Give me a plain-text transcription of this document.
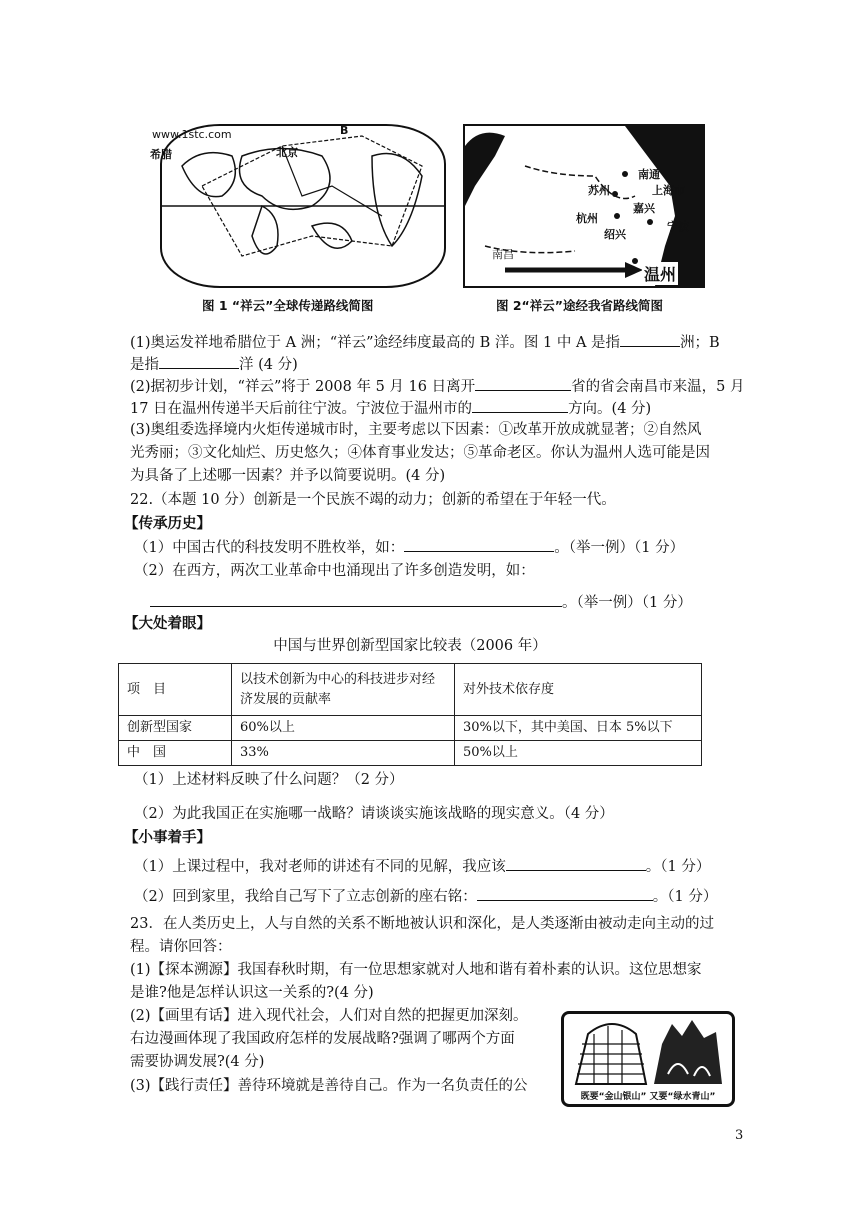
www.1stc.com
希腊	北京
B
图 1 “祥云”全球传递路线简图
南通
苏州	上海市
嘉兴
杭州
绍兴
宁波
南昌
温州
图 2“祥云”途经我省路线简图
(1)奥运发祥地希腊位于 A 洲；“祥云”途经纬度最高的 B 洋。图 1 中 A 是指	洲；B
是指	洋 (4 分)
(2)据初步计划，“祥云”将于 2008 年 5 月 16 日离开	省的省会南昌市来温，5 月
17 日在温州传递半天后前往宁波。宁波位于温州市的	方向。(4 分)
(3)奥组委选择境内火炬传递城市时，主要考虑以下因素：①改革开放成就显著；②自然风
光秀丽；③文化灿烂、历史悠久；④体育事业发达；⑤革命老区。你认为温州人选可能是因
为具备了上述哪一因素？并予以简要说明。(4 分)
22.（本题 10 分）创新是一个民族不竭的动力；创新的希望在于年轻一代。
【传承历史】
（1）中国古代的科技发明不胜枚举，如：	。（举一例）（1 分）
（2）在西方，两次工业革命中也涌现出了许多创造发明，如：
。（举一例）（1 分）
【大处着眼】
中国与世界创新型国家比较表（2006 年）
项　目	以技术创新为中心的科技进步对经济发展的贡献率	对外技术依存度
创新型国家	60%以上	30%以下，其中美国、日本 5%以下
中　国	33%	50%以上
（1）上述材料反映了什么问题？（2 分）
（2）为此我国正在实施哪一战略？请谈谈实施该战略的现实意义。（4 分）
【小事着手】
（1）上课过程中，我对老师的讲述有不同的见解，我应该	。（1 分）
（2）回到家里，我给自己写下了立志创新的座右铭：	。（1 分）
23．在人类历史上，人与自然的关系不断地被认识和深化，是人类逐渐由被动走向主动的过
程。请你回答：
(1)【探本溯源】我国春秋时期，有一位思想家就对人地和谐有着朴素的认识。这位思想家
是谁?他是怎样认识这一关系的?(4 分)
(2)【画里有话】进入现代社会，人们对自然的把握更加深刻。
右边漫画体现了我国政府怎样的发展战略?强调了哪两个方面
需要协调发展?(4 分)
(3)【践行责任】善待环境就是善待自己。作为一名负责任的公
既要“金山银山” 又要“绿水青山”
3
